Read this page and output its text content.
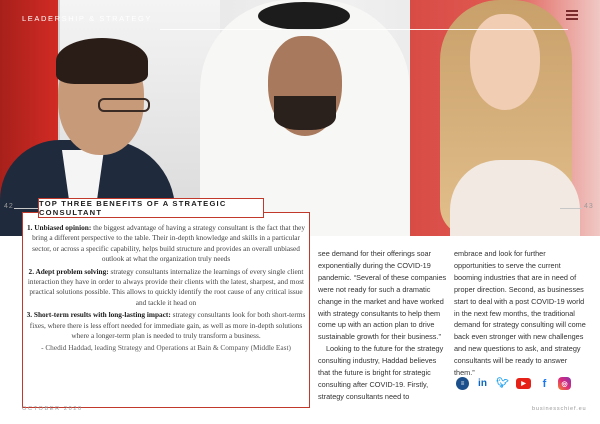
LEADERSHIP & STRATEGY
42	43
TOP THREE BENEFITS OF A STRATEGIC CONSULTANT

1. Unbiased opinion: the biggest advantage of having a strategy consultant is the fact that they bring a different perspective to the table. Their in-depth knowledge and skills in a particular sector, or across a specific capability, helps build structure and provides an overall unbiased outlook at what the organization truly needs

2. Adept problem solving: strategy consultants internalize the learnings of every single client interaction they have in order to always provide their clients with the latest, sharpest, and most practical solutions possible. This allows to quickly identify the root cause of any critical issue and tackle it head on

3. Short-term results with long-lasting impact: strategy consultants look for both short-terms fixes, where there is less effort needed for immediate gain, as well as more in-depth solutions where a longer-term plan is needed to truly transform a business.

- Chedid Haddad, leading Strategy and Operations at Bain & Company (Middle East)

see demand for their offerings soar exponentially during the COVID-19 pandemic. “Several of these companies were not ready for such a dramatic change in the market and have worked with strategy consultants to help them come up with an action plan to drive sustainable growth for their business.”

Looking to the future for the strategy consulting industry, Haddad believes that the future is bright for strategic consulting after COVID-19. Firstly, strategy consultants need to

embrace and look for further opportunities to serve the current booming industries that are in need of proper direction. Second, as businesses start to deal with a post COVID-19 world in the next few months, the traditional demand for strategy consulting will come back even stronger with new challenges and new questions to ask, and strategy consultants will be ready to answer them.”

≡	in 🐦︎	▶	f	◎
OCTOBER 2020	businesschief.eu
